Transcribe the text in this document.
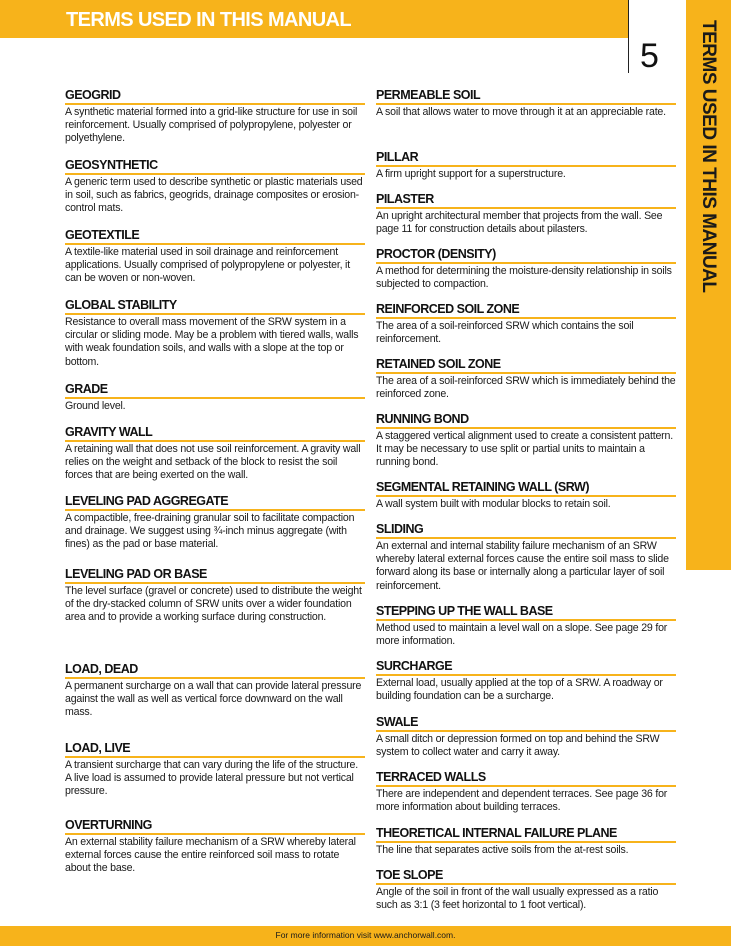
TERMS USED IN THIS MANUAL
5	TERMS USED IN THIS MANUAL
GEOGRID

A synthetic material formed into a grid-like structure for use in soil reinforcement. Usually comprised of polypropylene, polyester or polyethylene.

GEOSYNTHETIC

A generic term used to describe synthetic or plastic materials used in soil, such as fabrics, geogrids, drainage composites or erosion-control mats.

GEOTEXTILE

A textile-like material used in soil drainage and reinforcement applications. Usually comprised of polypropylene or polyester, it can be woven or non-woven.

GLOBAL STABILITY

Resistance to overall mass movement of the SRW system in a circular or sliding mode. May be a problem with tiered walls, walls with weak foundation soils, and walls with a slope at the top or bottom.

GRADE

Ground level.

GRAVITY WALL

A retaining wall that does not use soil reinforcement. A gravity wall relies on the weight and setback of the block to resist the soil forces that are being exerted on the wall.

LEVELING PAD AGGREGATE

A compactible, free-draining granular soil to facilitate compaction and drainage. We suggest using ¾-inch minus aggregate (with fines) as the pad or base material.

LEVELING PAD OR BASE

The level surface (gravel or concrete) used to distribute the weight of the dry-stacked column of SRW units over a wider foundation area and to provide a working surface during construction.

LOAD, DEAD

A permanent surcharge on a wall that can provide lateral pressure against the wall as well as vertical force downward on the wall mass.

LOAD, LIVE

A transient surcharge that can vary during the life of the structure. A live load is assumed to provide lateral pressure but not vertical pressure.

OVERTURNING

An external stability failure mechanism of a SRW whereby lateral external forces cause the entire reinforced soil mass to rotate about the base.

PERMEABLE SOIL

A soil that allows water to move through it at an appreciable rate.

PILLAR

A firm upright support for a superstructure.

PILASTER

An upright architectural member that projects from the wall. See page 11 for construction details about pilasters.

PROCTOR (DENSITY)

A method for determining the moisture-density relationship in soils subjected to compaction.

REINFORCED SOIL ZONE

The area of a soil-reinforced SRW which contains the soil reinforcement.

RETAINED SOIL ZONE

The area of a soil-reinforced SRW which is immediately behind the reinforced zone.

RUNNING BOND

A staggered vertical alignment used to create a consistent pattern. It may be necessary to use split or partial units to maintain a running bond.

SEGMENTAL RETAINING WALL (SRW)

A wall system built with modular blocks to retain soil.

SLIDING

An external and internal stability failure mechanism of an SRW whereby lateral external forces cause the entire soil mass to slide forward along its base or internally along a particular layer of soil reinforcement.

STEPPING UP THE WALL BASE

Method used to maintain a level wall on a slope. See page 29 for more information.

SURCHARGE

External load, usually applied at the top of a SRW. A roadway or building foundation can be a surcharge.

SWALE

A small ditch or depression formed on top and behind the SRW system to collect water and carry it away.

TERRACED WALLS

There are independent and dependent terraces. See page 36 for more information about building terraces.

THEORETICAL INTERNAL FAILURE PLANE

The line that separates active soils from the at-rest soils.

TOE SLOPE

Angle of the soil in front of the wall usually expressed as a ratio such as 3:1 (3 feet horizontal to 1 foot vertical).

For more information visit www.anchorwall.com.
